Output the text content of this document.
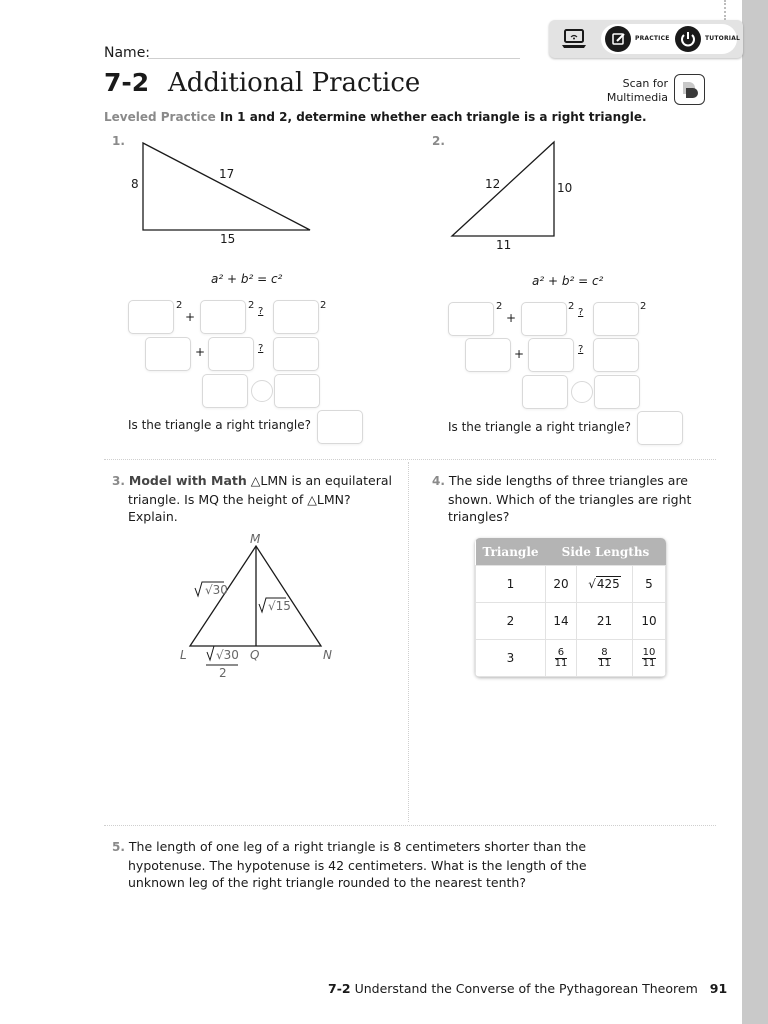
PRACTICE	TUTORIAL
Name:
7-2 Additional Practice	Scan for
Multimedia
Leveled Practice In 1 and 2, determine whether each triangle is a right triangle.
1.
8
17
15
a² + b² = c²
2
+
2
?
2
+	?
Is the triangle a right triangle?
2.
12	10
11
a² + b² = c²
2
+
2
?
2
+	?
Is the triangle a right triangle?
3. Model with Math △LMN is an equilateral
triangle. Is MQ the height of △LMN?
Explain.
M
L	Q	N
√30
√15
√30
2
4. The side lengths of three triangles are
shown. Which of the triangles are right
triangles?
Triangle	Side Lengths		
1	20	√425	5
2	14	21	10
3	$\frac{6}{11}$	$\frac{8}{11}$	$\frac{10}{11}$
5. The length of one leg of a right triangle is 8 centimeters shorter than the
hypotenuse. The hypotenuse is 42 centimeters. What is the length of the
unknown leg of the right triangle rounded to the nearest tenth?
7-2 Understand the Converse of the Pythagorean Theorem 91
